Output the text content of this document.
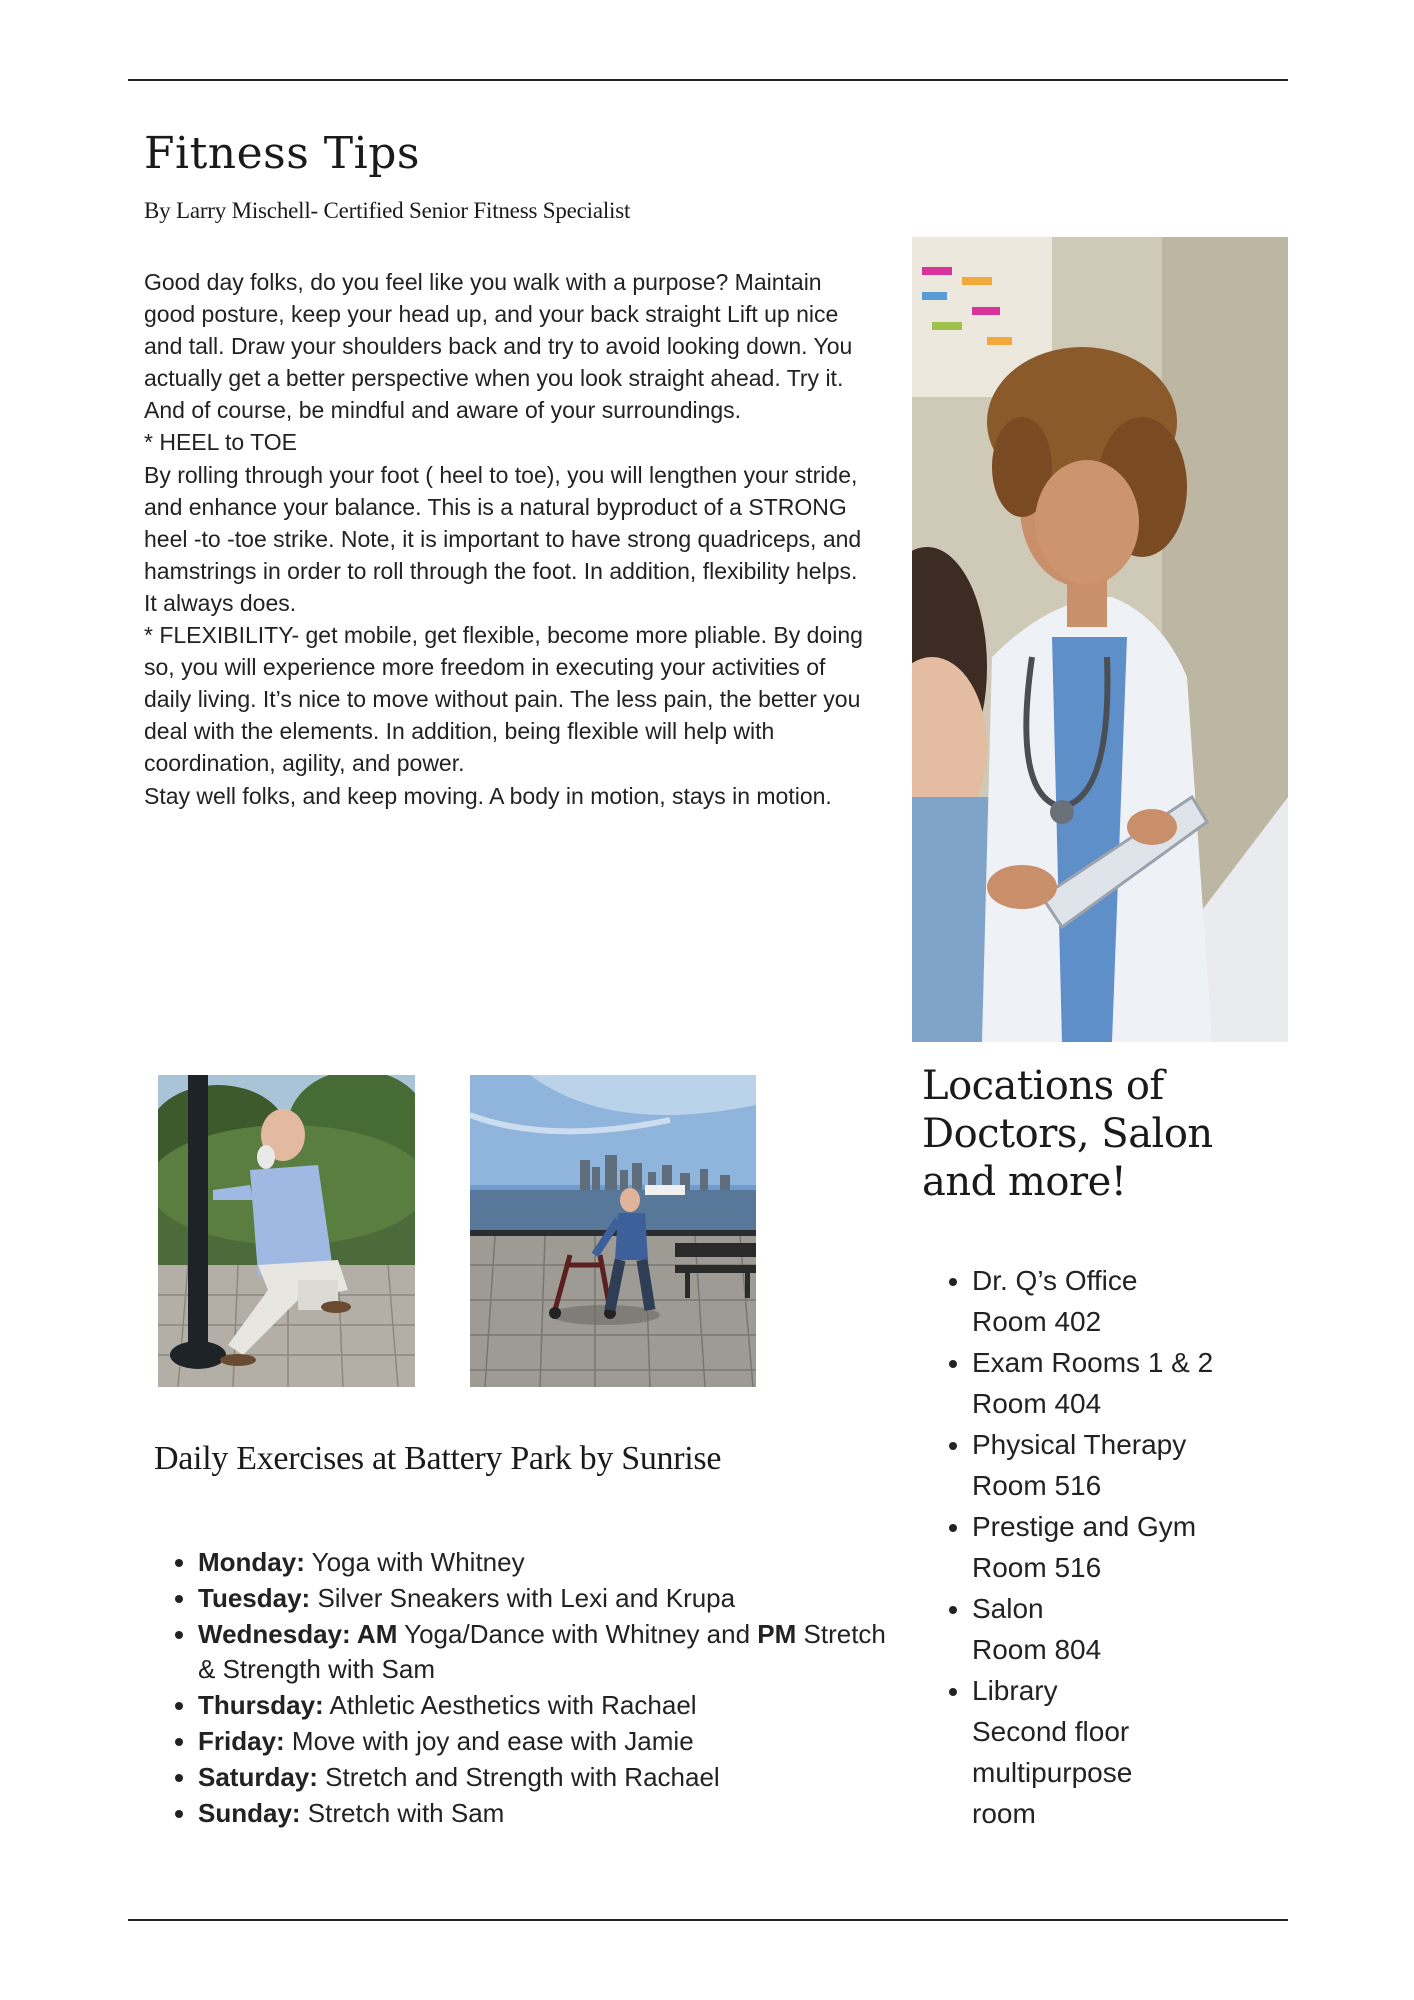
Fitness Tips

By Larry Mischell- Certified Senior Fitness Specialist

Good day folks, do you feel like you walk with a purpose? Maintain good posture, keep your head up, and your back straight Lift up nice and tall. Draw your shoulders back and try to avoid looking down. You actually get a better perspective when you look straight ahead. Try it.

And of course, be mindful and aware of your surroundings.

* HEEL to TOE

By rolling through your foot ( heel to toe), you will lengthen your stride, and enhance your balance. This is a natural byproduct of a STRONG heel -to -toe strike. Note, it is important to have strong quadriceps, and hamstrings in order to roll through the foot. In addition, flexibility helps. It always does.

* FLEXIBILITY- get mobile, get flexible, become more pliable. By doing so, you will experience more freedom in executing your activities of daily living. It’s nice to move without pain. The less pain, the better you deal with the elements. In addition, being flexible will help with coordination, agility, and power.

Stay well folks, and keep moving. A body in motion, stays in motion.

Locations of Doctors, Salon and more!
• Dr. Q’s Office
Room 402
• Exam Rooms 1 & 2
Room 404
• Physical Therapy
Room 516
• Prestige and Gym
Room 516
• Salon
Room 804
• Library
Second floor multipurpose room
Daily Exercises at Battery Park by Sunrise
• Monday: Yoga with Whitney
• Tuesday: Silver Sneakers with Lexi and Krupa
• Wednesday: AM Yoga/Dance with Whitney and PM Stretch & Strength with Sam
• Thursday: Athletic Aesthetics with Rachael
• Friday: Move with joy and ease with Jamie
• Saturday: Stretch and Strength with Rachael
• Sunday: Stretch with Sam
